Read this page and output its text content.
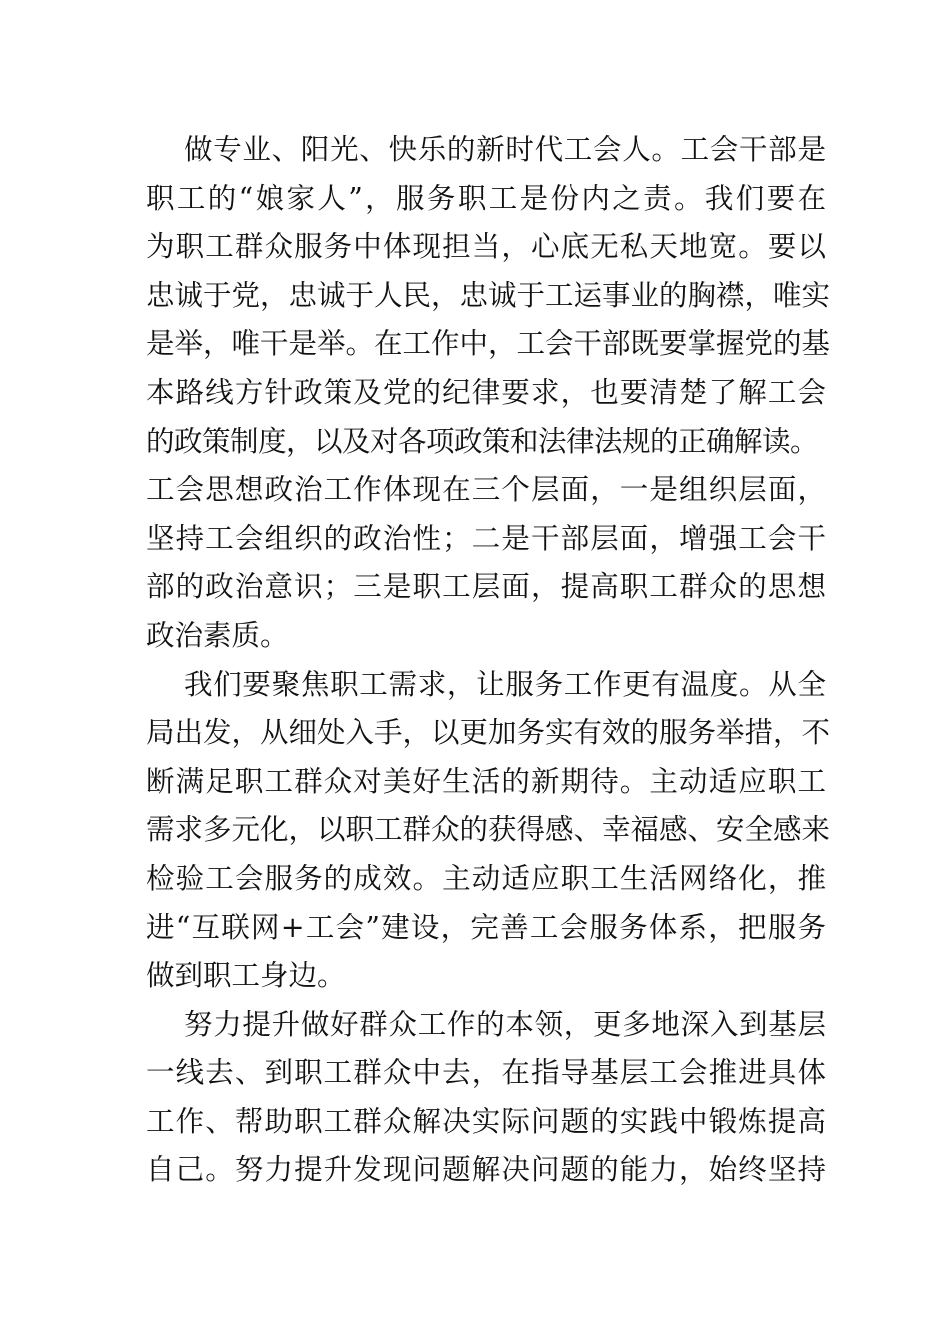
做专业、阳光、快乐的新时代工会人。工会干部是
职工的“娘家人”，服务职工是份内之责。我们要在
为职工群众服务中体现担当，心底无私天地宽。要以
忠诚于党，忠诚于人民，忠诚于工运事业的胸襟，唯实
是举，唯干是举。在工作中，工会干部既要掌握党的基
本路线方针政策及党的纪律要求，也要清楚了解工会
的政策制度，以及对各项政策和法律法规的正确解读。
工会思想政治工作体现在三个层面，一是组织层面，
坚持工会组织的政治性；二是干部层面，增强工会干
部的政治意识；三是职工层面，提高职工群众的思想
政治素质。
我们要聚焦职工需求，让服务工作更有温度。从全
局出发，从细处入手，以更加务实有效的服务举措，不
断满足职工群众对美好生活的新期待。主动适应职工
需求多元化，以职工群众的获得感、幸福感、安全感来
检验工会服务的成效。主动适应职工生活网络化，推
进“互联网+工会”建设，完善工会服务体系，把服务
做到职工身边。
努力提升做好群众工作的本领，更多地深入到基层
一线去、到职工群众中去，在指导基层工会推进具体
工作、帮助职工群众解决实际问题的实践中锻炼提高
自己。努力提升发现问题解决问题的能力，始终坚持
